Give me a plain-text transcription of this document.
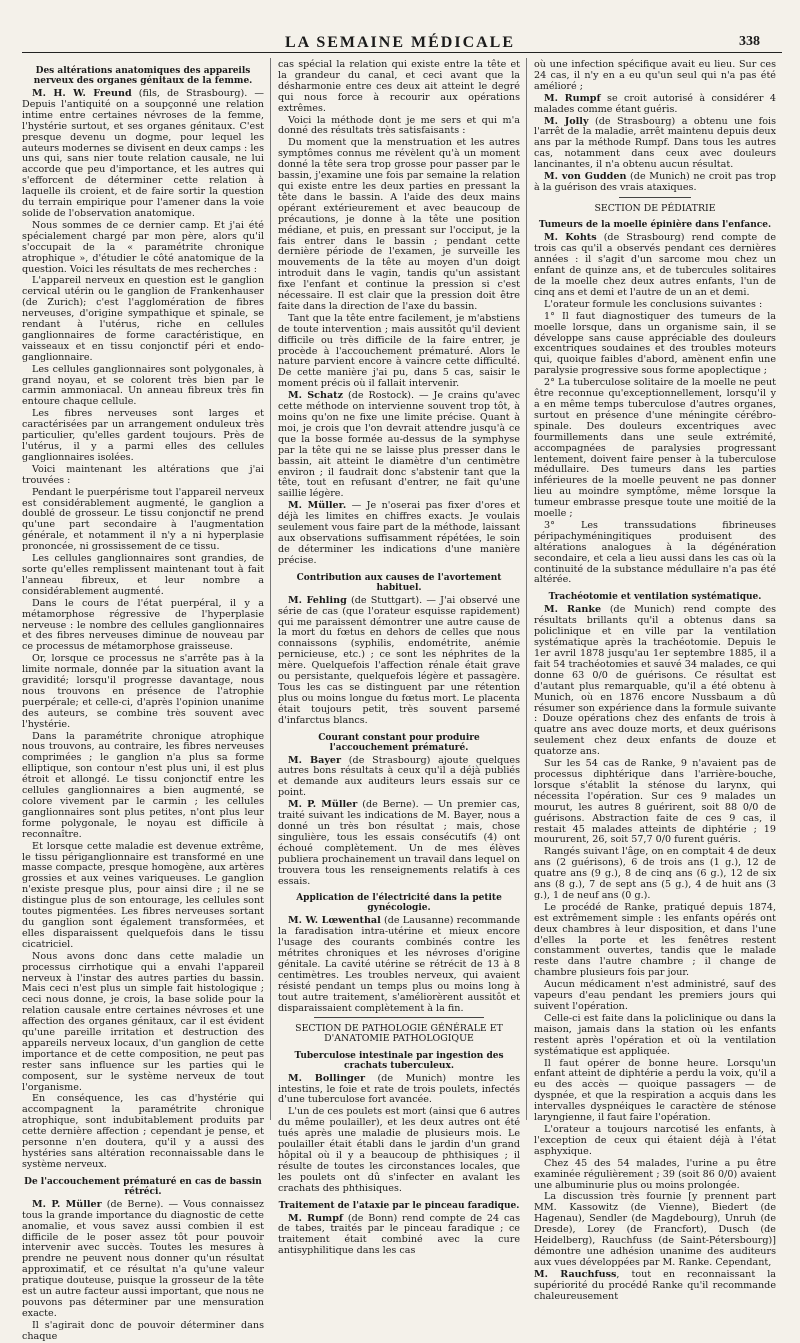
LA SEMAINE MÉDICALE	338
Des altérations anatomiques des appareils nerveux des organes génitaux de la femme.

M. H. W. Freund (fils, de Strasbourg). — Depuis l'antiquité on a soupçonné une relation intime entre certaines névroses de la femme, l'hystérie surtout, et ses organes génitaux. C'est presque devenu un dogme, pour lequel les auteurs modernes se divisent en deux camps : les uns qui, sans nier toute relation causale, ne lui accorde que peu d'importance, et les autres qui s'efforcent de déterminer cette relation à laquelle ils croient, et de faire sortir la question du terrain empirique pour l'amener dans la voie solide de l'observation anatomique.

Nous sommes de ce dernier camp. Et j'ai été spécialement chargé par mon père, alors qu'il s'occupait de la « paramétrite chronique atrophique », d'étudier le côté anatomique de la question. Voici les résultats de mes recherches :

L'appareil nerveux en question est le ganglion cervical utérin ou le ganglion de Frankenhauser (de Zurich); c'est l'agglomération de fibres nerveuses, d'origine sympathique et spinale, se rendant à l'utérus, riche en cellules ganglionnaires de forme caractéristique, en vaisseaux et en tissu conjonctif péri et endo-ganglionnaire.

Les cellules ganglionnaires sont polygonales, à grand noyau, et se colorent très bien par le carmin ammoniacal. Un anneau fibreux très fin entoure chaque cellule.

Les fibres nerveuses sont larges et caractérisées par un arrangement onduleux très particulier, qu'elles gardent toujours. Près de l'utérus, il y a parmi elles des cellules ganglionnaires isolées.

Voici maintenant les altérations que j'ai trouvées :

Pendant le puerpérisme tout l'appareil nerveux est considérablement augmenté, le ganglion a doublé de grosseur. Le tissu conjonctif ne prend qu'une part secondaire à l'augmentation générale, et notamment il n'y a ni hyperplasie prononcée, ni grossissement de ce tissu.

Les cellules ganglionnaires sont grandies, de sorte qu'elles remplissent maintenant tout à fait l'anneau fibreux, et leur nombre a considérablement augmenté.

Dans le cours de l'état puerpéral, il y a métamorphose régressive de l'hyperplasie nerveuse : le nombre des cellules ganglionnaires et des fibres nerveuses diminue de nouveau par ce processus de métamorphose graisseuse.

Or, lorsque ce processus ne s'arrête pas à la limite normale, donnée par la situation avant la gravidité; lorsqu'il progresse davantage, nous nous trouvons en présence de l'atrophie puerpérale; et celle-ci, d'après l'opinion unanime des auteurs, se combine très souvent avec l'hystérie.

Dans la paramétrite chronique atrophique nous trouvons, au contraire, les fibres nerveuses comprimées ; le ganglion n'a plus sa forme elliptique, son contour n'est plus uni, il est plus étroit et allongé. Le tissu conjonctif entre les cellules ganglionnaires a bien augmenté, se colore vivement par le carmin ; les cellules ganglionnaires sont plus petites, n'ont plus leur forme polygonale, le noyau est difficile à reconnaître.

Et lorsque cette maladie est devenue extrême, le tissu périganglionnaire est transformé en une masse compacte, presque homogène, aux artères grossies et aux veines variqueuses. Le ganglion n'existe presque plus, pour ainsi dire ; il ne se distingue plus de son entourage, les cellules sont toutes pigmentées. Les fibres nerveuses sortant du ganglion sont également transformées, et elles disparaissent quelquefois dans le tissu cicatriciel.

Nous avons donc dans cette maladie un processus cirrhotique qui a envahi l'appareil nerveux à l'instar des autres parties du bassin. Mais ceci n'est plus un simple fait histologique ; ceci nous donne, je crois, la base solide pour la relation causale entre certaines névroses et une affection des organes génitaux, car il est évident qu'une pareille irritation et destruction des appareils nerveux locaux, d'un ganglion de cette importance et de cette composition, ne peut pas rester sans influence sur les parties qui le composent, sur le système nerveux de tout l'organisme.

En conséquence, les cas d'hystérie qui accompagnent la paramétrite chronique atrophique, sont indubitablement produits par cette dernière affection ; cependant je pense, et personne n'en doutera, qu'il y a aussi des hystéries sans altération reconnaissable dans le système nerveux.

De l'accouchement prématuré en cas de bassin rétréci.

M. P. Müller (de Berne). — Vous connaissez tous la grande importance du diagnostic de cette anomalie, et vous savez aussi combien il est difficile de le poser assez tôt pour pouvoir intervenir avec succès. Toutes les mesures à prendre ne peuvent nous donner qu'un résultat approximatif, et ce résultat n'a qu'une valeur pratique douteuse, puisque la grosseur de la tête est un autre facteur aussi important, que nous ne pouvons pas déterminer par une mensuration exacte.

Il s'agirait donc de pouvoir déterminer dans chaque

cas spécial la relation qui existe entre la tête et la grandeur du canal, et ceci avant que la désharmonie entre ces deux ait atteint le degré qui nous force à recourir aux opérations extrêmes.

Voici la méthode dont je me sers et qui m'a donné des résultats très satisfaisants :

Du moment que la menstruation et les autres symptômes connus me révèlent qu'à un moment donné la tête sera trop grosse pour passer par le bassin, j'examine une fois par semaine la relation qui existe entre les deux parties en pressant la tête dans le bassin. A l'aide des deux mains opérant extérieurement et avec beaucoup de précautions, je donne à la tête une position médiane, et puis, en pressant sur l'occiput, je la fais entrer dans le bassin ; pendant cette dernière période de l'examen, je surveille les mouvements de la tête au moyen d'un doigt introduit dans le vagin, tandis qu'un assistant fixe l'enfant et continue la pression si c'est nécessaire. Il est clair que la pression doit être faite dans la direction de l'axe du bassin.

Tant que la tête entre facilement, je m'abstiens de toute intervention ; mais aussitôt qu'il devient difficile ou très difficile de la faire entrer, je procède à l'accouchement prématuré. Alors le nature parvient encore à vaincre cette difficulté. De cette manière j'ai pu, dans 5 cas, saisir le moment précis où il fallait intervenir.

M. Schatz (de Rostock). — Je crains qu'avec cette méthode on intervienne souvent trop tôt, à moins qu'on ne fixe une limite précise. Quant à moi, je crois que l'on devrait attendre jusqu'à ce que la bosse formée au-dessus de la symphyse par la tête qui ne se laisse plus presser dans le bassin, ait atteint le diamètre d'un centimètre environ ; il faudrait donc s'abstenir tant que la tête, tout en refusant d'entrer, ne fait qu'une saillie légère.

M. Müller. — Je n'oserai pas fixer d'ores et déjà les limites en chiffres exacts. Je voulais seulement vous faire part de la méthode, laissant aux observations suffisamment répétées, le soin de déterminer les indications d'une manière précise.

Contribution aux causes de l'avortement habituel.

M. Fehling (de Stuttgart). — J'ai observé une série de cas (que l'orateur esquisse rapidement) qui me paraissent démontrer une autre cause de la mort du fœtus en dehors de celles que nous connaissons (syphilis, endométrite, anémie pernicieuse, etc.) ; ce sont les néphrites de la mère. Quelquefois l'affection rénale était grave ou persistante, quelquefois légère et passagère. Tous les cas se distinguent par une rétention plus ou moins longue du fœtus mort. Le placenta était toujours petit, très souvent parsemé d'infarctus blancs.

Courant constant pour produire l'accouchement prématuré.

M. Bayer (de Strasbourg) ajoute quelques autres bons résultats à ceux qu'il a déjà publiés et demande aux auditeurs leurs essais sur ce point.

M. P. Müller (de Berne). — Un premier cas, traité suivant les indications de M. Bayer, nous a donné un très bon résultat ; mais, chose singulière, tous les essais consécutifs (4) ont échoué complètement. Un de mes élèves publiera prochainement un travail dans lequel on trouvera tous les renseignements relatifs à ces essais.

Application de l'électricité dans la petite gynécologie.

M. W. Lœwenthal (de Lausanne) recommande la faradisation intra-utérine et mieux encore l'usage des courants combinés contre les métrites chroniques et les névroses d'origine génitale. La cavité utérine se rétrécit de 13 à 8 centimètres. Les troubles nerveux, qui avaient résisté pendant un temps plus ou moins long à tout autre traitement, s'améliorèrent aussitôt et disparaissaient complètement à la fin.

SECTION DE PATHOLOGIE GÉNÉRALE ET D'ANATOMIE PATHOLOGIQUE
Tuberculose intestinale par ingestion des crachats tuberculeux.

M. Bollinger (de Munich) montre les intestins, le foie et rate de trois poulets, infectés d'une tuberculose fort avancée.

L'un de ces poulets est mort (ainsi que 6 autres du même poulailler), et les deux autres ont été tués après une maladie de plusieurs mois. Le poulailler était établi dans le jardin d'un grand hôpital où il y a beaucoup de phthisiques ; il résulte de toutes les circonstances locales, que les poulets ont dû s'infecter en avalant les crachats des phthisiques.

Traitement de l'ataxie par le pinceau faradique.

M. Rumpf (de Bonn) rend compte de 24 cas de tabes, traités par le pinceau faradique ; ce traitement était combiné avec la cure antisyphilitique dans les cas

où une infection spécifique avait eu lieu. Sur ces 24 cas, il n'y en a eu qu'un seul qui n'a pas été amélioré ;

M. Rumpf se croit autorisé à considérer 4 malades comme étant guéris.

M. Jolly (de Strasbourg) a obtenu une fois l'arrêt de la maladie, arrêt maintenu depuis deux ans par la méthode Rumpf. Dans tous les autres cas, notamment dans ceux avec douleurs lancinantes, il n'a obtenu aucun résultat.

M. von Gudden (de Munich) ne croit pas trop à la guérison des vrais ataxiques.

SECTION DE PÉDIATRIE
Tumeurs de la moelle épinière dans l'enfance.

M. Kohts (de Strasbourg) rend compte de trois cas qu'il a observés pendant ces dernières années : il s'agit d'un sarcome mou chez un enfant de quinze ans, et de tubercules solitaires de la moelle chez deux autres enfants, l'un de cinq ans et demi et l'autre de un an et demi.

L'orateur formule les conclusions suivantes :

1° Il faut diagnostiquer des tumeurs de la moelle lorsque, dans un organisme sain, il se développe sans cause appréciable des douleurs excentriques soudaines et des troubles moteurs qui, quoique faibles d'abord, amènent enfin une paralysie progressive sous forme apoplectique ;

2° La tuberculose solitaire de la moelle ne peut être reconnue qu'exceptionnellement, lorsqu'il y a en même temps tuberculose d'autres organes, surtout en présence d'une méningite cérébro-spinale. Des douleurs excentriques avec fourmillements dans une seule extrémité, accompagnées de paralysies progressant lentement, doivent faire penser à la tuberculose médullaire. Des tumeurs dans les parties inférieures de la moelle peuvent ne pas donner lieu au moindre symptôme, même lorsque la tumeur embrasse presque toute une moitié de la moelle ;

3° Les transsudations fibrineuses péripachyméningitiques produisent des altérations analogues à la dégénération secondaire, et cela a lieu aussi dans les cas où la continuité de la substance médullaire n'a pas été altérée.

Trachéotomie et ventilation systématique.

M. Ranke (de Munich) rend compte des résultats brillants qu'il a obtenus dans sa policlinique et en ville par la ventilation systématique après la trachéotomie. Depuis le 1er avril 1878 jusqu'au 1er septembre 1885, il a fait 54 trachéotomies et sauvé 34 malades, ce qui donne 63 0/0 de guérisons. Ce résultat est d'autant plus remarquable, qu'il a été obtenu à Munich, où en 1876 encore Nussbaum a dû résumer son expérience dans la formule suivante : Douze opérations chez des enfants de trois à quatre ans avec douze morts, et deux guérisons seulement chez deux enfants de douze et quatorze ans.

Sur les 54 cas de Ranke, 9 n'avaient pas de processus diphtérique dans l'arrière-bouche, lorsque s'établit la sténose du larynx, qui nécessita l'opération. Sur ces 9 malades un mourut, les autres 8 guérirent, soit 88 0/0 de guérisons. Abstraction faite de ces 9 cas, il restait 45 malades atteints de diphtérie ; 19 moururent, 26, soit 57,7 0/0 furent guéris.

Rangés suivant l'âge, on en comptait 4 de deux ans (2 guérisons), 6 de trois ans (1 g.), 12 de quatre ans (9 g.), 8 de cinq ans (6 g.), 12 de six ans (8 g.), 7 de sept ans (5 g.), 4 de huit ans (3 g.), 1 de neuf ans (0 g.).

Le procédé de Ranke, pratiqué depuis 1874, est extrêmement simple : les enfants opérés ont deux chambres à leur disposition, et dans l'une d'elles la porte et les fenêtres restent constamment ouvertes, tandis que le malade reste dans l'autre chambre ; il change de chambre plusieurs fois par jour.

Aucun médicament n'est administré, sauf des vapeurs d'eau pendant les premiers jours qui suivent l'opération.

Celle-ci est faite dans la policlinique ou dans la maison, jamais dans la station où les enfants restent après l'opération et où la ventilation systématique est appliquée.

Il faut opérer de bonne heure. Lorsqu'un enfant atteint de diphtérie a perdu la voix, qu'il a eu des accès — quoique passagers — de dyspnée, et que la respiration a acquis dans les intervalles dyspnéiques le caractère de sténose laryngienne, il faut faire l'opération.

L'orateur a toujours narcotisé les enfants, à l'exception de ceux qui étaient déjà à l'état asphyxique.

Chez 45 des 54 malades, l'urine a pu être examinée régulièrement ; 39 (soit 86 0/0) avaient une albuminurie plus ou moins prolongée.

La discussion très fournie [y prennent part MM. Kassowitz (de Vienne), Biedert (de Hagenau), Sendler (de Magdebourg), Unruh (de Dresde), Lorey (de Francfort), Dusch (de Heidelberg), Rauchfuss (de Saint-Pétersbourg)] démontre une adhésion unanime des auditeurs aux vues développées par M. Ranke. Cependant,

M. Rauchfuss, tout en reconnaissant la supériorité du procédé Ranke qu'il recommande chaleureusement
